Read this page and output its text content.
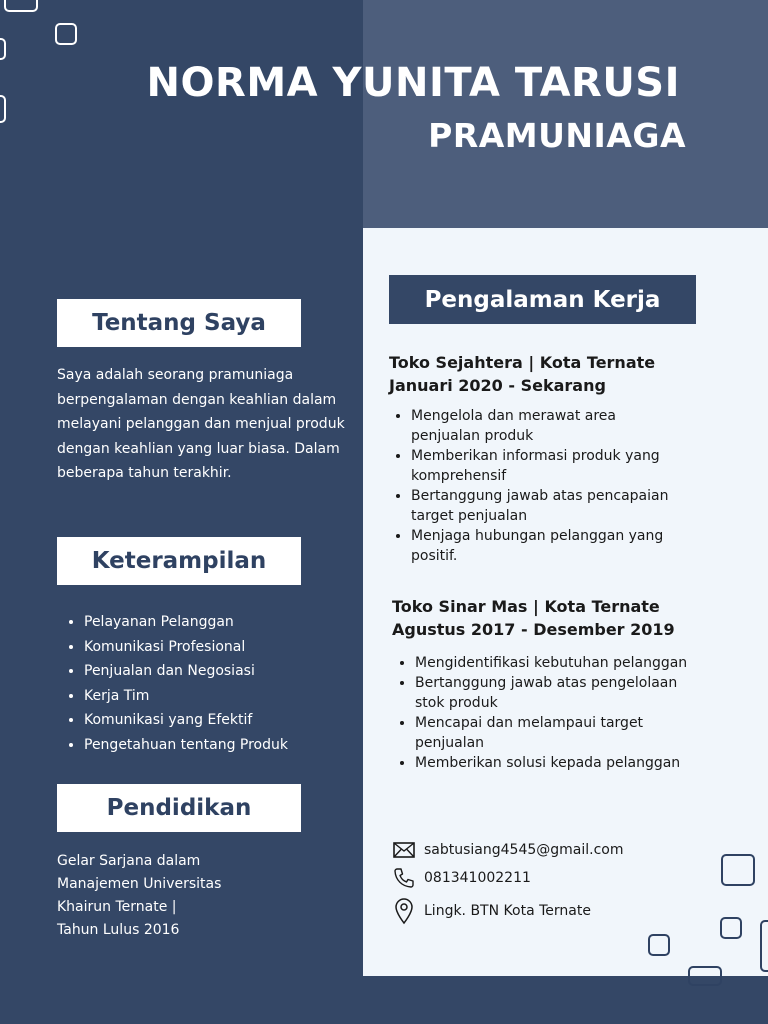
NORMA YUNITA TARUSI
PRAMUNIAGA
Tentang Saya

Saya adalah seorang pramuniaga berpengalaman dengan keahlian dalam melayani pelanggan dan menjual produk dengan keahlian yang luar biasa. Dalam beberapa tahun terakhir.

Keterampilan
• Pelayanan Pelanggan
• Komunikasi Profesional
• Penjualan dan Negosiasi
• Kerja Tim
• Komunikasi yang Efektif
• Pengetahuan tentang Produk
Pendidikan
Gelar Sarjana dalam
Manajemen Universitas
Khairun Ternate |
Tahun Lulus 2016
Pengalaman Kerja
Toko Sejahtera | Kota Ternate
Januari 2020 - Sekarang
• Mengelola dan merawat area penjualan produk
• Memberikan informasi produk yang komprehensif
• Bertanggung jawab atas pencapaian target penjualan
• Menjaga hubungan pelanggan yang positif.
Toko Sinar Mas | Kota Ternate
Agustus 2017 - Desember 2019
• Mengidentifikasi kebutuhan pelanggan
• Bertanggung jawab atas pengelolaan stok produk
• Mencapai dan melampaui target penjualan
• Memberikan solusi kepada pelanggan
sabtusiang4545@gmail.com
081341002211
Lingk. BTN Kota Ternate
